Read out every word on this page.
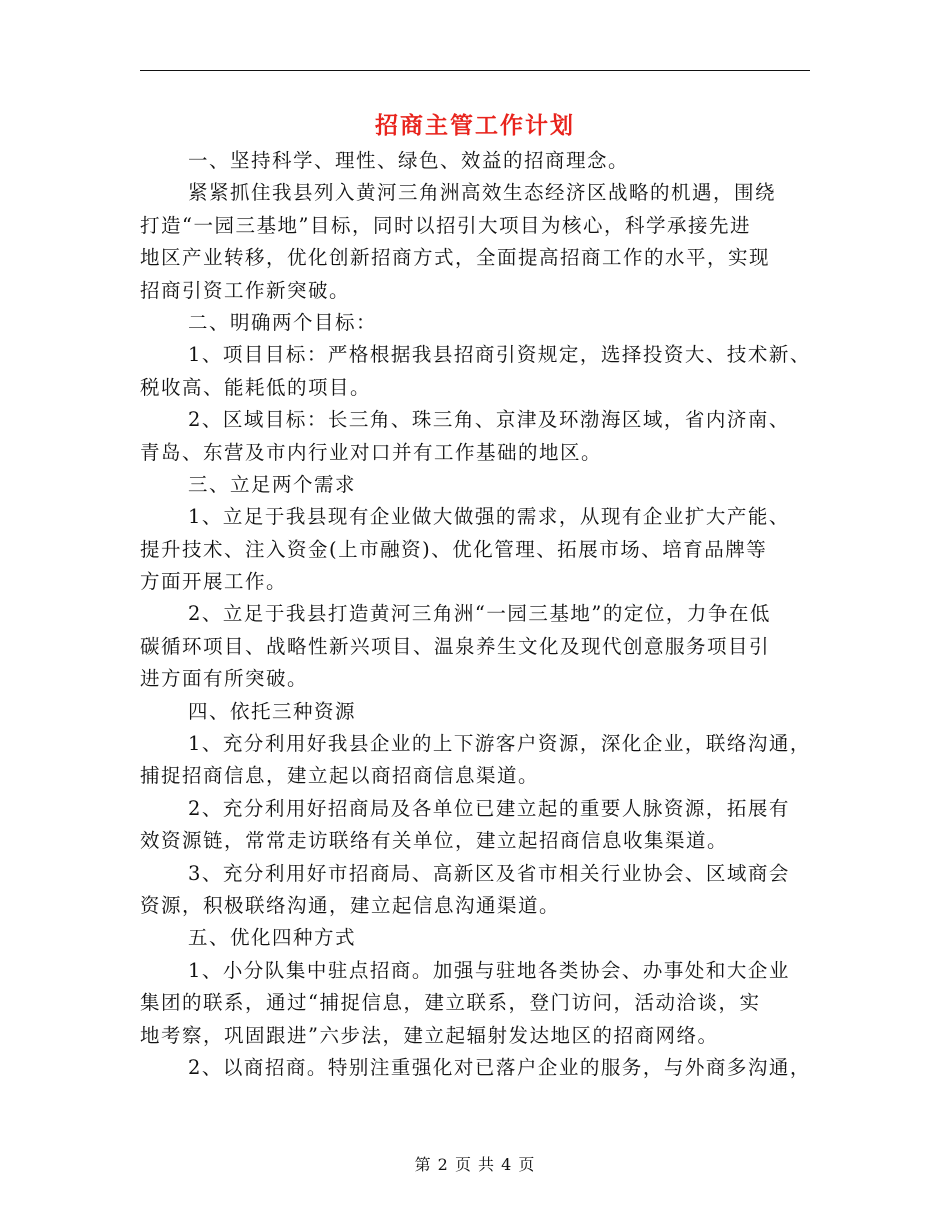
招商主管工作计划
一、坚持科学、理性、绿色、效益的招商理念。
紧紧抓住我县列入黄河三角洲高效生态经济区战略的机遇，围绕
打造“一园三基地”目标，同时以招引大项目为核心，科学承接先进
地区产业转移，优化创新招商方式，全面提高招商工作的水平，实现
招商引资工作新突破。
二、明确两个目标：
1、项目目标：严格根据我县招商引资规定，选择投资大、技术新、
税收高、能耗低的项目。
2、区域目标：长三角、珠三角、京津及环渤海区域，省内济南、
青岛、东营及市内行业对口并有工作基础的地区。
三、立足两个需求
1、立足于我县现有企业做大做强的需求，从现有企业扩大产能、
提升技术、注入资金(上市融资)、优化管理、拓展市场、培育品牌等
方面开展工作。
2、立足于我县打造黄河三角洲“一园三基地”的定位，力争在低
碳循环项目、战略性新兴项目、温泉养生文化及现代创意服务项目引
进方面有所突破。
四、依托三种资源
1、充分利用好我县企业的上下游客户资源，深化企业，联络沟通，
捕捉招商信息，建立起以商招商信息渠道。
2、充分利用好招商局及各单位已建立起的重要人脉资源，拓展有
效资源链，常常走访联络有关单位，建立起招商信息收集渠道。
3、充分利用好市招商局、高新区及省市相关行业协会、区域商会
资源，积极联络沟通，建立起信息沟通渠道。
五、优化四种方式
1、小分队集中驻点招商。加强与驻地各类协会、办事处和大企业
集团的联系，通过“捕捉信息，建立联系，登门访问，活动洽谈，实
地考察，巩固跟进”六步法，建立起辐射发达地区的招商网络。
2、以商招商。特别注重强化对已落户企业的服务，与外商多沟通，
第 2 页 共 4 页
